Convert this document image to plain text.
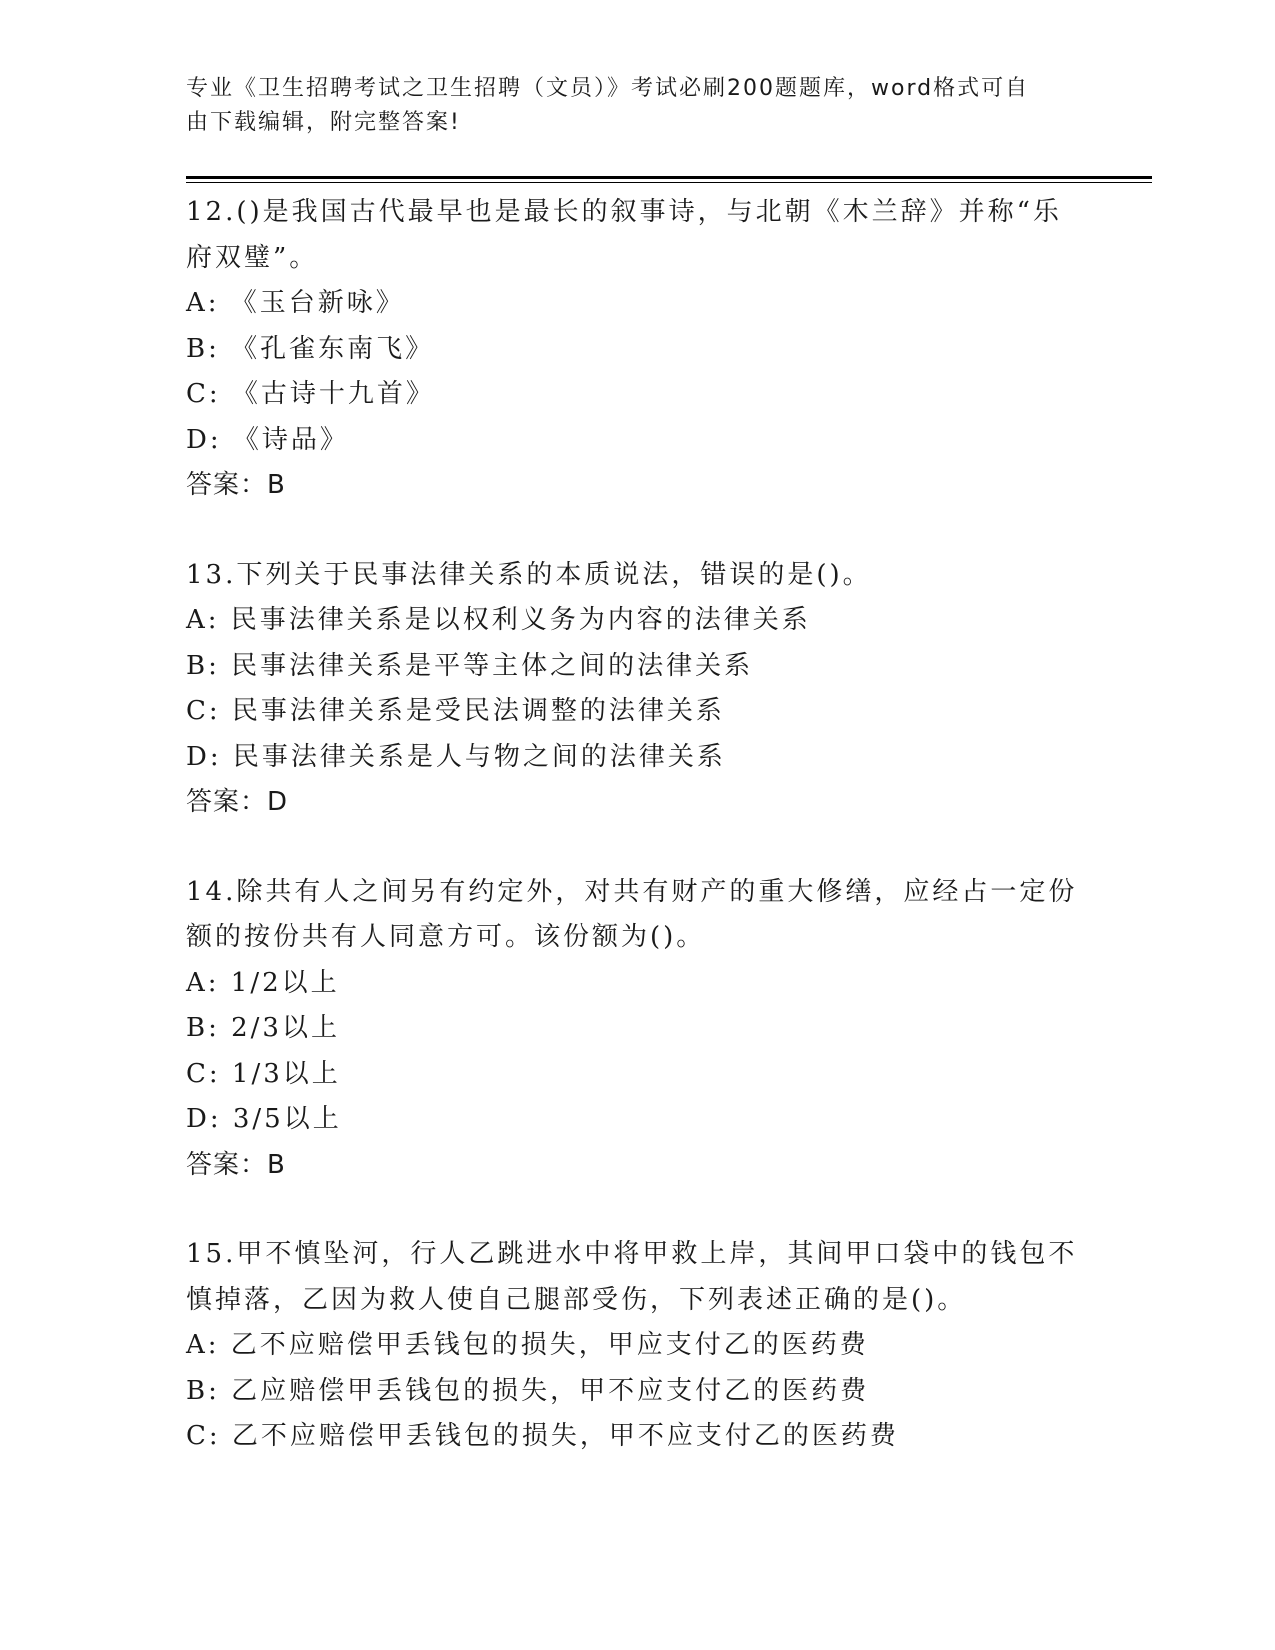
专业《卫生招聘考试之卫生招聘（文员）》考试必刷200题题库，word格式可自
由下载编辑，附完整答案!
12.()是我国古代最早也是最长的叙事诗，与北朝《木兰辞》并称“乐
府双璧”。
A: 《玉台新咏》
B: 《孔雀东南飞》
C: 《古诗十九首》
D: 《诗品》
答案：B
13.下列关于民事法律关系的本质说法，错误的是()。
A: 民事法律关系是以权利义务为内容的法律关系
B: 民事法律关系是平等主体之间的法律关系
C: 民事法律关系是受民法调整的法律关系
D: 民事法律关系是人与物之间的法律关系
答案：D
14.除共有人之间另有约定外，对共有财产的重大修缮，应经占一定份
额的按份共有人同意方可。该份额为()。
A: 1/2以上
B: 2/3以上
C: 1/3以上
D: 3/5以上
答案：B
15.甲不慎坠河，行人乙跳进水中将甲救上岸，其间甲口袋中的钱包不
慎掉落，乙因为救人使自己腿部受伤，下列表述正确的是()。
A: 乙不应赔偿甲丢钱包的损失，甲应支付乙的医药费
B: 乙应赔偿甲丢钱包的损失，甲不应支付乙的医药费
C: 乙不应赔偿甲丢钱包的损失，甲不应支付乙的医药费
